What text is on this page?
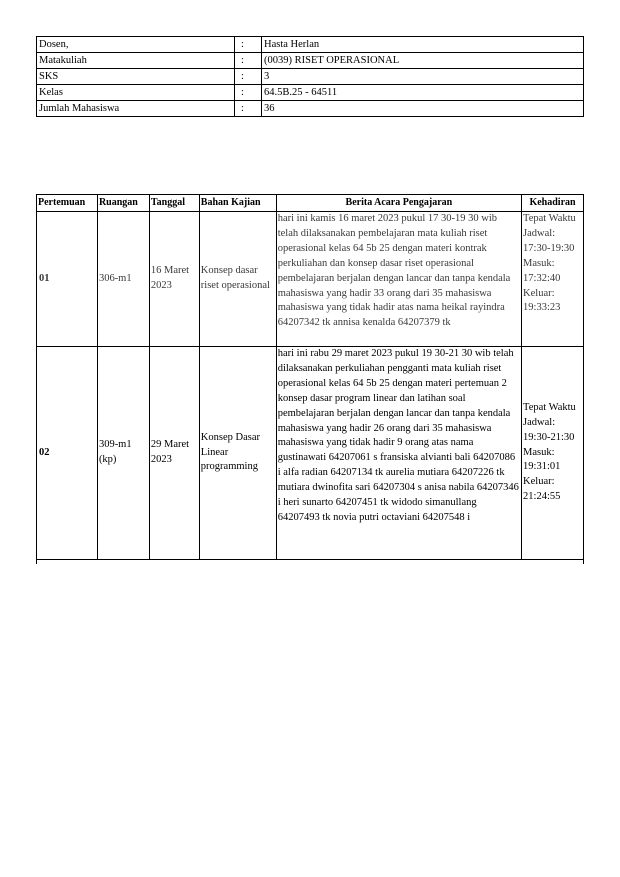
Dosen,	:	Hasta Herlan
Matakuliah	:	(0039) RISET OPERASIONAL
SKS	:	3
Kelas	:	64.5B.25 - 64511
Jumlah Mahasiswa	:	36
Pertemuan	Ruangan	Tanggal	Bahan Kajian	Berita Acara Pengajaran	Kehadiran
01	306-m1	16 Maret 2023	Konsep dasar riset operasional	hari ini kamis 16 maret 2023 pukul 17 30-19 30 wib telah dilaksanakan pembelajaran mata kuliah riset operasional kelas 64 5b 25 dengan materi kontrak perkuliahan dan konsep dasar riset operasional pembelajaran berjalan dengan lancar dan tanpa kendala mahasiswa yang hadir 33 orang dari 35 mahasiswa mahasiswa yang tidak hadir atas nama heikal rayindra 64207342 tk annisa kenalda 64207379 tk	Tepat Waktu Jadwal: 17:30-19:30 Masuk: 17:32:40 Keluar: 19:33:23
02	309-m1 (kp)	29 Maret 2023	Konsep Dasar Linear programming	hari ini rabu 29 maret 2023 pukul 19 30-21 30 wib telah dilaksanakan perkuliahan pengganti mata kuliah riset operasional kelas 64 5b 25 dengan materi pertemuan 2 konsep dasar program linear dan latihan soal pembelajaran berjalan dengan lancar dan tanpa kendala mahasiswa yang hadir 26 orang dari 35 mahasiswa mahasiswa yang tidak hadir 9 orang atas nama gustinawati 64207061 s fransiska alvianti bali 64207086 i alfa radian 64207134 tk aurelia mutiara 64207226 tk mutiara dwinofita sari 64207304 s anisa nabila 64207346 i heri sunarto 64207451 tk widodo simanullang 64207493 tk novia putri octaviani 64207548 i	Tepat Waktu Jadwal: 19:30-21:30 Masuk: 19:31:01 Keluar: 21:24:55
